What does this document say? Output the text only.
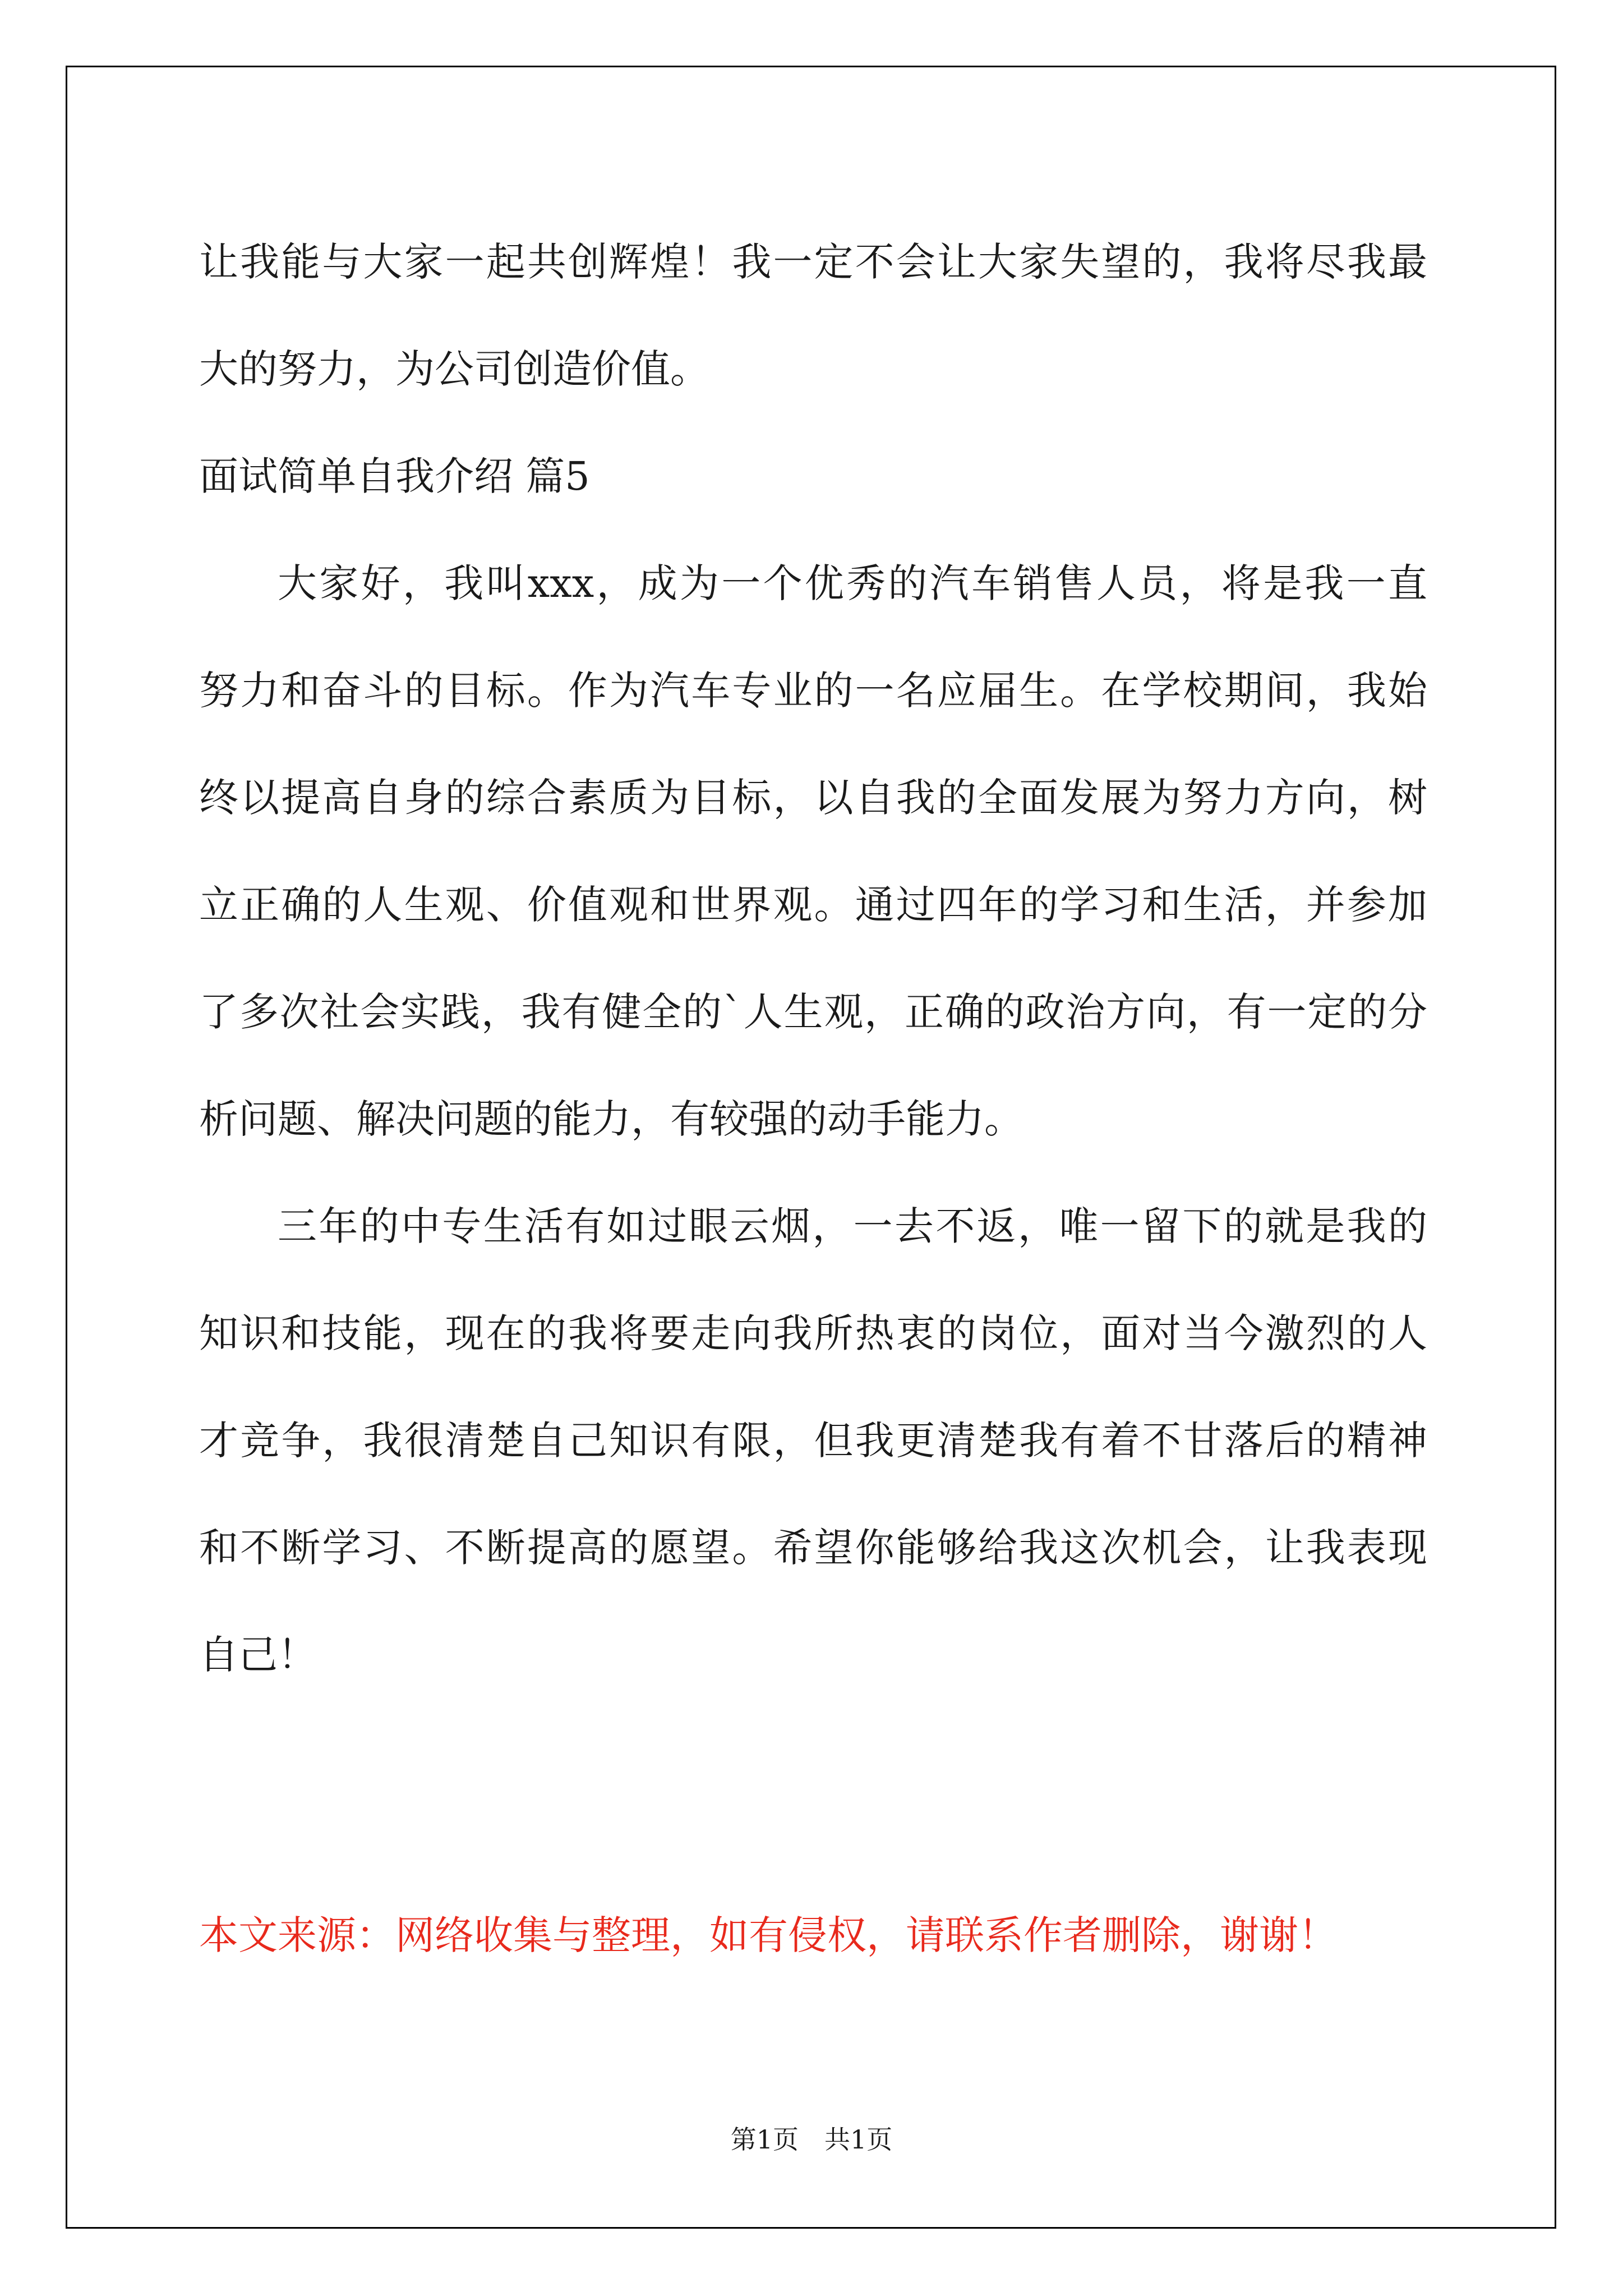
让我能与大家一起共创辉煌！我一定不会让大家失望的，我将尽我最
大的努力，为公司创造价值。
面试简单自我介绍 篇5
大家好，我叫xxx，成为一个优秀的汽车销售人员，将是我一直
努力和奋斗的目标。作为汽车专业的一名应届生。在学校期间，我始
终以提高自身的综合素质为目标，以自我的全面发展为努力方向，树
立正确的人生观、价值观和世界观。通过四年的学习和生活，并参加
了多次社会实践，我有健全的`人生观，正确的政治方向，有一定的分
析问题、解决问题的能力，有较强的动手能力。
三年的中专生活有如过眼云烟，一去不返，唯一留下的就是我的
知识和技能，现在的我将要走向我所热衷的岗位，面对当今激烈的人
才竞争，我很清楚自己知识有限，但我更清楚我有着不甘落后的精神
和不断学习、不断提高的愿望。希望你能够给我这次机会，让我表现
自己！
本文来源：网络收集与整理，如有侵权，请联系作者删除，谢谢！
第1页　共1页
